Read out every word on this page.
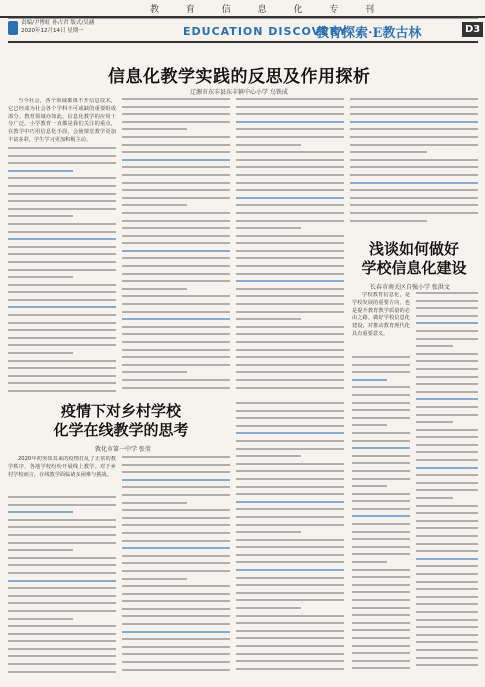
教 育 信 息 化 专 刊
责编/尹博虹 孙占君 版式/吴涵
2020年12月14日 星期一	EDUCATION DISCOVERY
教育探索·E教古林	D3
信息化教学实践的反思及作用探析
辽源市东丰县东丰镇中心小学 乌铁成
当今社会，各个领域都离不开信息技术，它已经成为社会各个学科不可或缺的重要组成部分。教育领域亦如此，信息化教学的应用十分广泛。小学教育一直都是我们关注的重点，在教学中巧用信息化手段，会使课堂教学更加丰富多彩，学生学习更加积极主动。
浅谈如何做好
学校信息化建设
长春市南关区自强小学 张洪文
学校教育信息化，是学校发展的重要方向，也是提升教育教学质量的必由之路。做好学校信息化建设，对推动教育现代化具有重要意义。
疫情下对乡村学校
化学在线教学的思考
敦化市第一中学 张莹
2020年初突如其来的疫情打乱了正常的教学秩序，各地学校纷纷开展线上教学。对于乡村学校而言，在线教学面临诸多困难与挑战。
